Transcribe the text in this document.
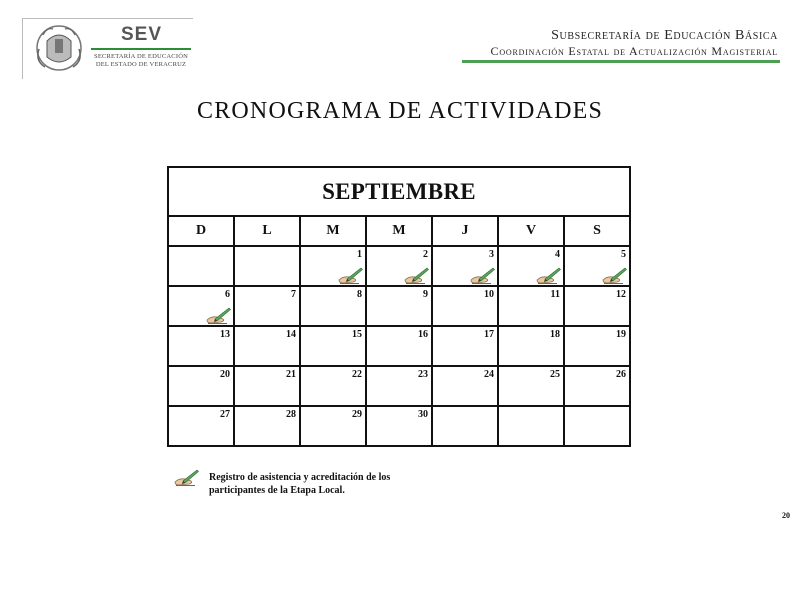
SEV
SECRETARÍA DE EDUCACIÓN
DEL ESTADO DE VERACRUZ
Subsecretaría de Educación Básica
Coordinación Estatal de Actualización Magisterial
CRONOGRAMA DE ACTIVIDADES
SEPTIEMBRE						
D	L	M	M	J	V	S

		1	2	3	4	5

6	7	8	9	10	11	12

13	14	15	16	17	18	19

20	21	22	23	24	25	26

27	28	29	30			

Registro de asistencia y acreditación de los
participantes de la Etapa Local.
20
